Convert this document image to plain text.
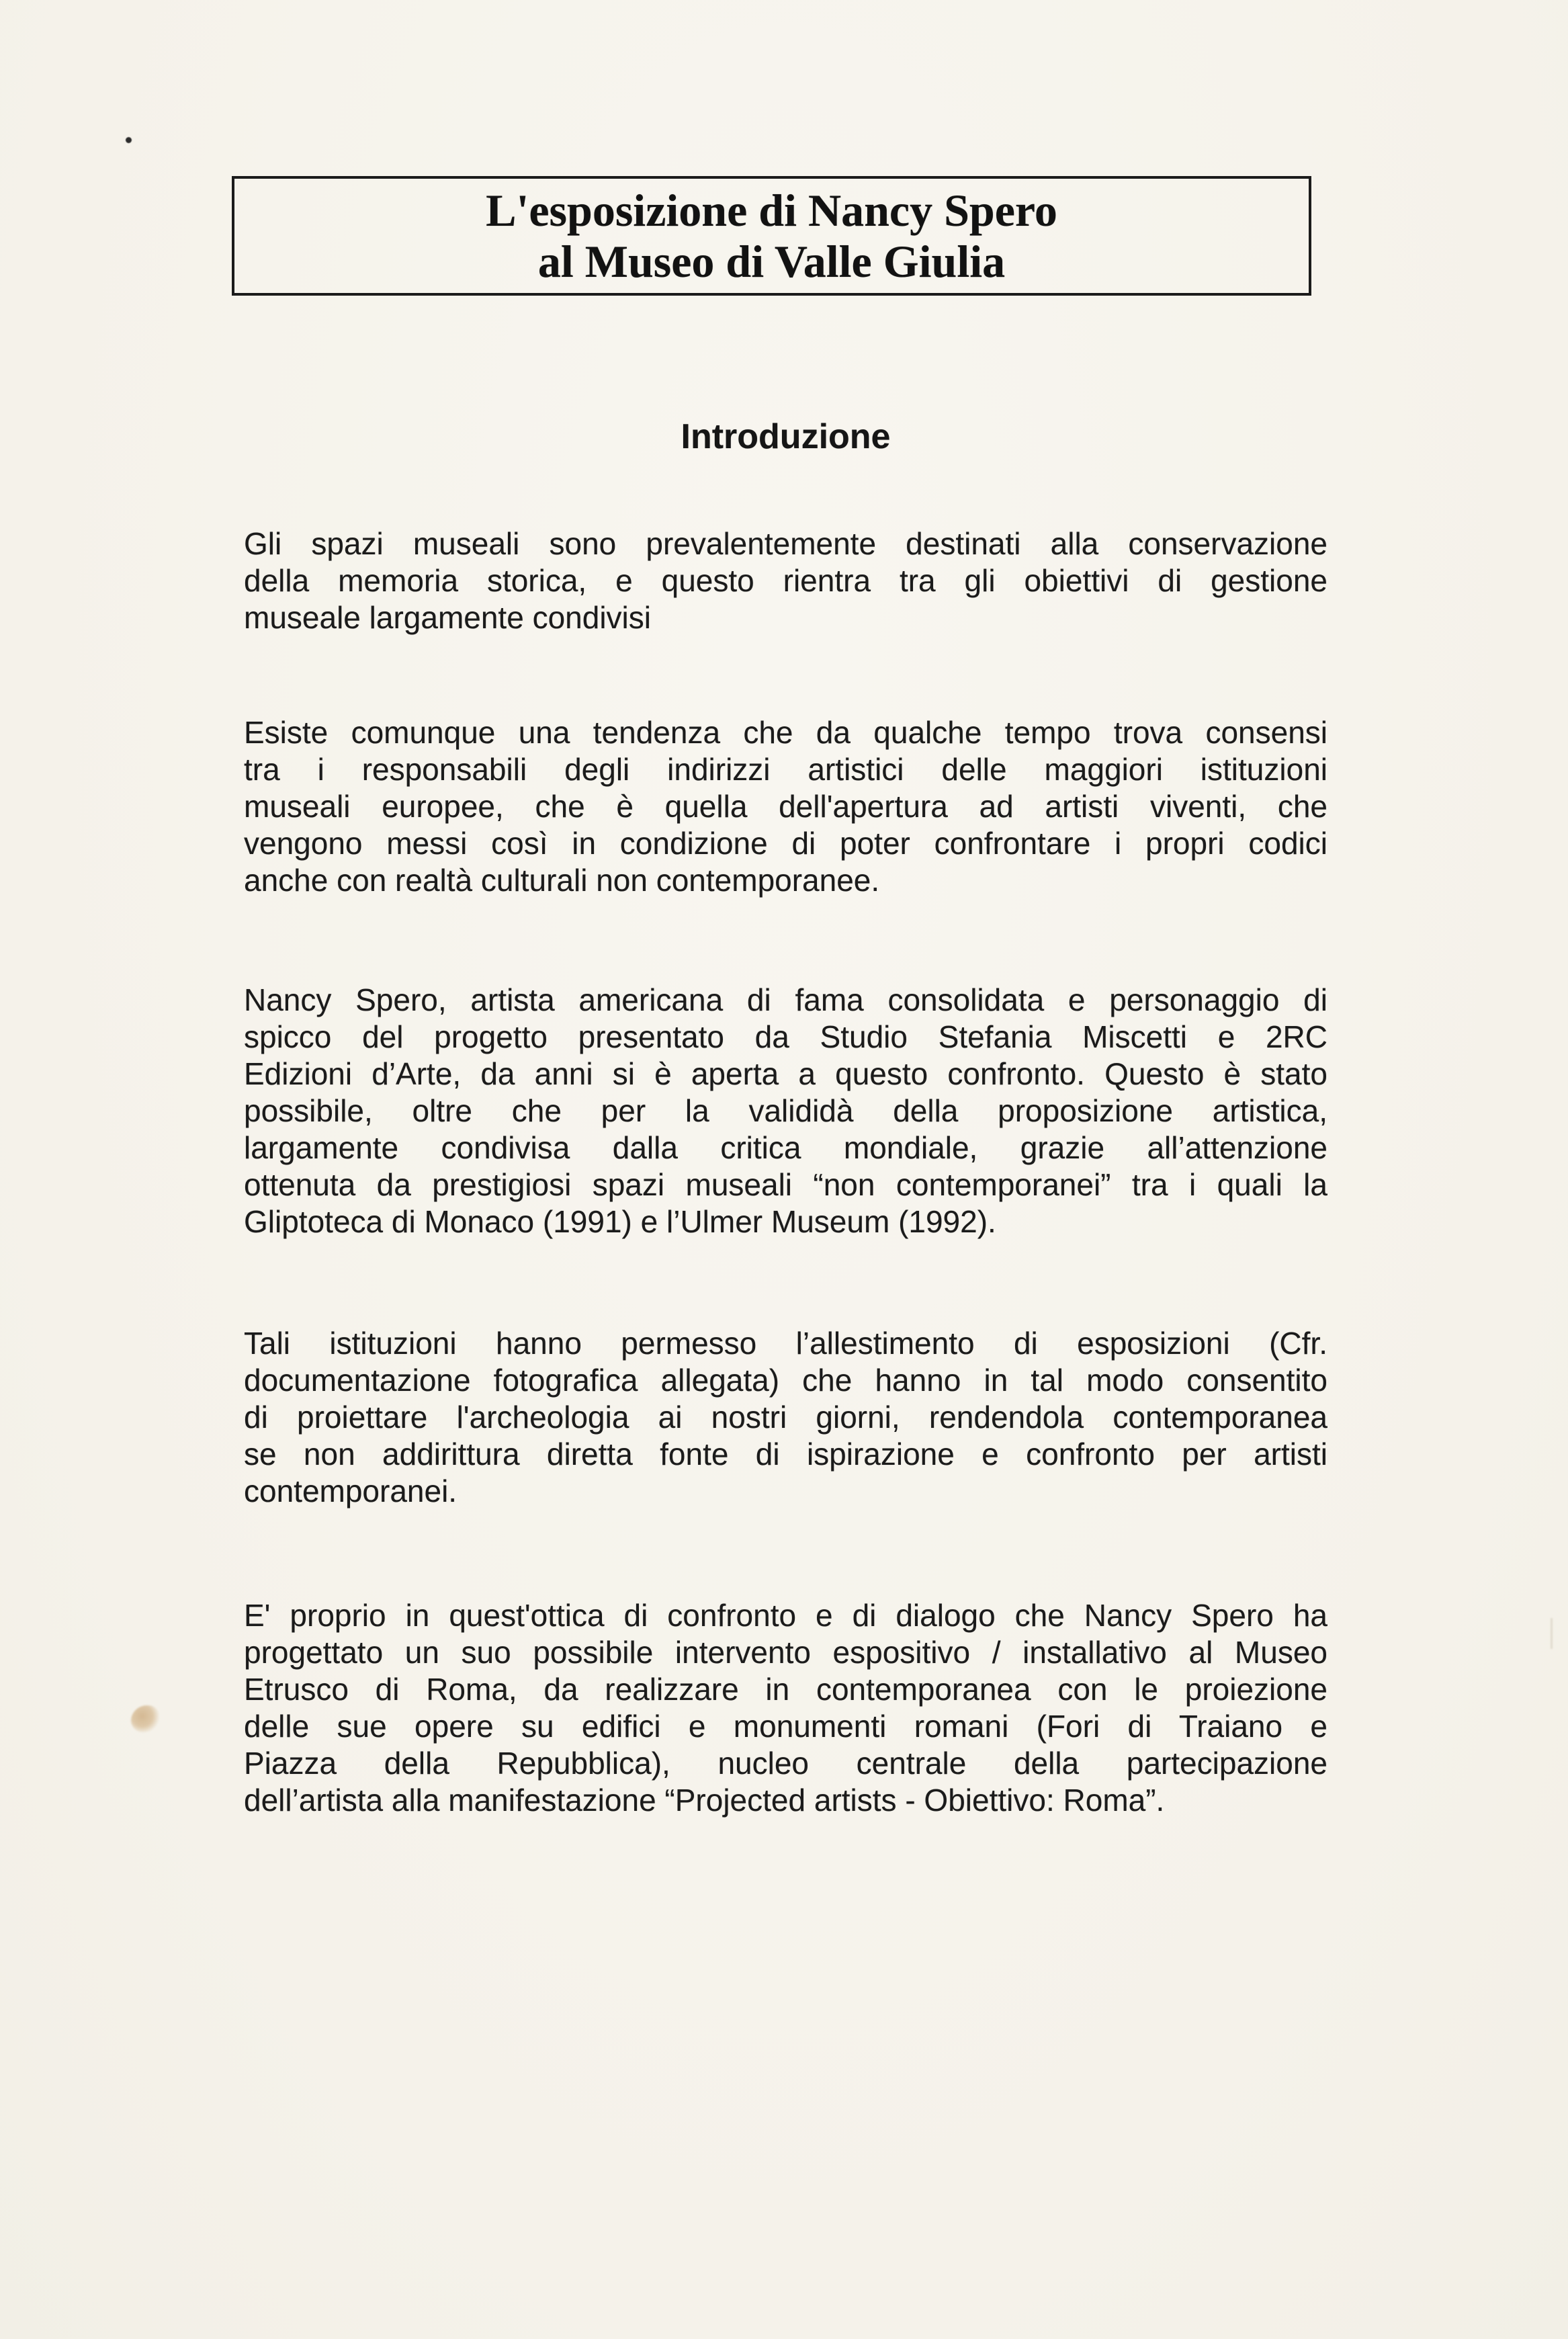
L'esposizione di Nancy Spero
al Museo di Valle Giulia
Introduzione
Gli spazi museali sono prevalentemente destinati alla conservazione
della memoria storica, e questo rientra tra gli obiettivi di gestione
museale largamente condivisi
Esiste comunque una tendenza che da qualche tempo trova consensi
tra i responsabili degli indirizzi artistici delle maggiori istituzioni
museali europee, che è quella dell'apertura ad artisti viventi, che
vengono messi così in condizione di poter confrontare i propri codici
anche con realtà culturali non contemporanee.
Nancy Spero, artista americana di fama consolidata e personaggio di
spicco del progetto presentato da Studio Stefania Miscetti e 2RC
Edizioni d’Arte, da anni si è aperta a questo confronto. Questo è stato
possibile, oltre che per la valididà della proposizione artistica,
largamente condivisa dalla critica mondiale, grazie all’attenzione
ottenuta da prestigiosi spazi museali “non contemporanei” tra i quali la
Gliptoteca di Monaco (1991) e l’Ulmer Museum (1992).
Tali istituzioni hanno permesso l’allestimento di esposizioni (Cfr.
documentazione fotografica allegata) che hanno in tal modo consentito
di proiettare l'archeologia ai nostri giorni, rendendola contemporanea
se non addirittura diretta fonte di ispirazione e confronto per artisti
contemporanei.
E' proprio in quest'ottica di confronto e di dialogo che Nancy Spero ha
progettato un suo possibile intervento espositivo / installativo al Museo
Etrusco di Roma, da realizzare in contemporanea con le proiezione
delle sue opere su edifici e monumenti romani (Fori di Traiano e
Piazza della Repubblica), nucleo centrale della partecipazione
dell’artista alla manifestazione “Projected artists - Obiettivo: Roma”.
